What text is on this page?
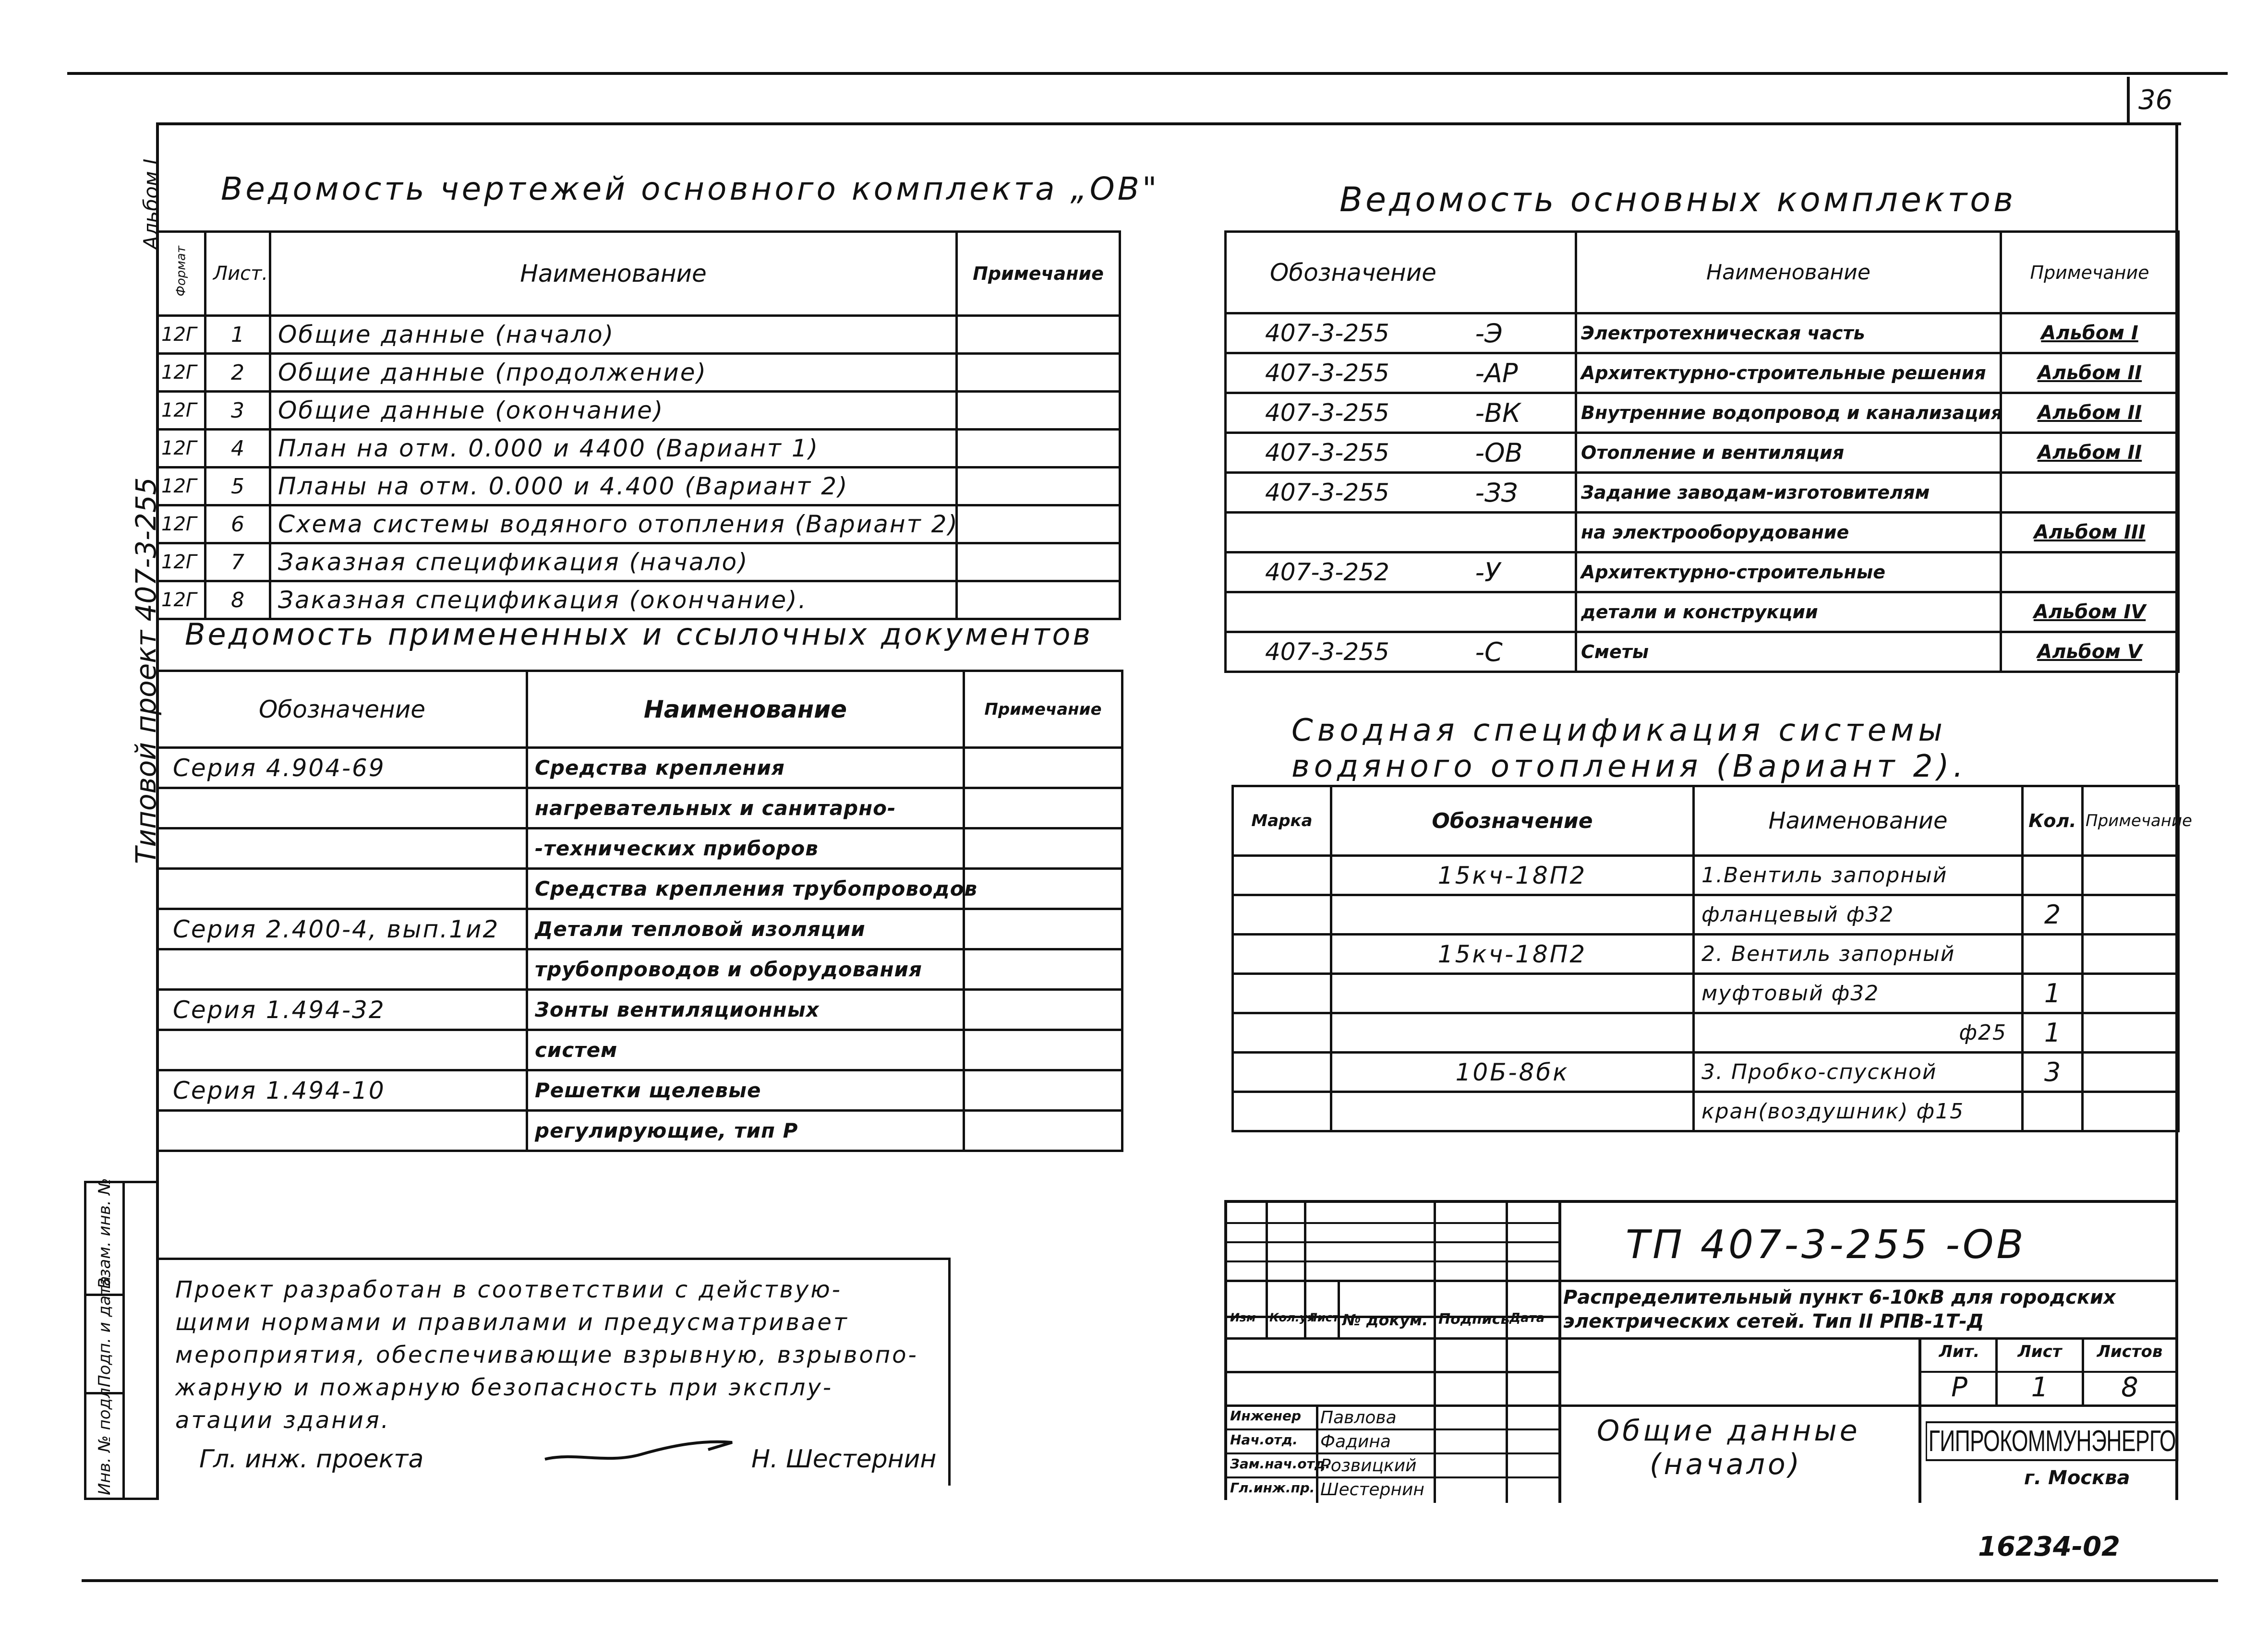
36
Типовой проект 407-3-255
Альбом I
Инв. № подл.
Подп. и дата
Взам. инв. №
Ведомость чертежей основного комплекта „ОВ"
Формат	Лист.	Наименование	Примечание
12Г	1	Общие данные (начало)	
12Г	2	Общие данные (продолжение)	
12Г	3	Общие данные (окончание)	
12Г	4	План на отм. 0.000 и 4400 (Вариант 1)	
12Г	5	Планы на отм. 0.000 и 4.400 (Вариант 2)	
12Г	6	Схема системы водяного отопления (Вариант 2)	
12Г	7	Заказная спецификация (начало)	
12Г	8	Заказная спецификация (окончание).	
Ведомость примененных и ссылочных документов
Обозначение	Наименование	Примечание
Серия 4.904-69	Средства крепления	
	нагревательных и санитарно-	
	-технических приборов	
	Средства крепления трубопроводов	
Серия 2.400-4, вып.1и2	Детали тепловой изоляции	
	трубопроводов и оборудования	
Серия 1.494-32	Зонты вентиляционных	
	систем	
Серия 1.494-10	Решетки щелевые	
	регулирующие, тип Р	
Ведомость основных комплектов
Обозначение		Наименование	Примечание
407-3-255	-Э	Электротехническая часть	Альбом I
407-3-255	-АР	Архитектурно-строительные решения	Альбом II
407-3-255	-ВК	Внутренние водопровод и канализация	Альбом II
407-3-255	-ОВ	Отопление и вентиляция	Альбом II
407-3-255	-ЗЗ	Задание заводам-изготовителям	
		на электрооборудование	Альбом III
407-3-252	-У	Архитектурно-строительные	
		детали и конструкции	Альбом IV
407-3-255	-С	Сметы	Альбом V
Сводная спецификация системы
водяного отопления (Вариант 2).
Марка	Обозначение	Наименование	Кол.	Примечание
	15кч-18П2	1.Вентиль запорный		
		фланцевый ф32	2	
	15кч-18П2	2. Вентиль запорный		
		муфтовый ф32	1	
		ф25	1	
	10Б-8бк	3. Пробко-спускной	3	
		кран(воздушник) ф15		
Проект разработан в соответствии с действую-
щими нормами и правилами и предусматривает
мероприятия, обеспечивающие взрывную, взрывопо-
жарную и пожарную безопасность при эксплу-
атации здания.
Гл. инж. проекта	Н. Шестернин
Изм Кол.уч
Лист № докум. Подпись Дата
Инженер Павлова
Нач.отд. Фадина
Зам.нач.отд.
Розвицкий
Гл.инж.пр. Шестернин
ТП 407-3-255 -ОВ
Распределительный пункт 6-10кВ для городских электрических сетей. Тип II РПВ-1Т-Д
Лит.	Лист	Листов
Р	1	8
Общие данные
(начало)
ГИПРОКОММУНЭНЕРГО
г. Москва
16234-02
